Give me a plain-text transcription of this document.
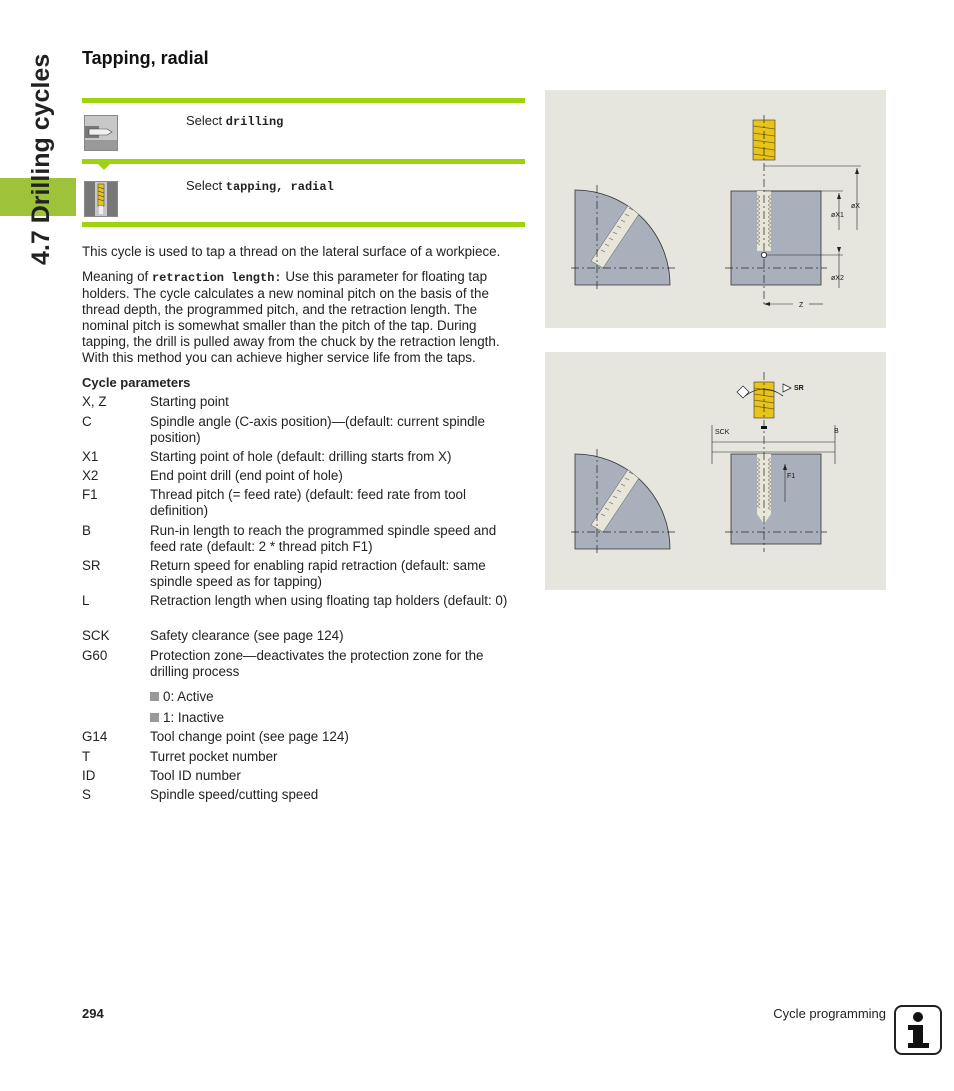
4.7 Drilling cycles Tapping, radial
Select drilling
Select tapping, radial
This cycle is used to tap a thread on the lateral surface of a workpiece.
Meaning of retraction length: Use this parameter for floating tap holders. The cycle calculates a new nominal pitch on the basis of the thread depth, the programmed pitch, and the retraction length. The nominal pitch is somewhat smaller than the pitch of the tap. During tapping, the drill is pulled away from the chuck by the retraction length. With this method you can achieve higher service life from the taps.
Cycle parameters
X, Z	Starting point
C	Spindle angle (C-axis position)—(default: current spindle position)
X1	Starting point of hole (default: drilling starts from X)
X2	End point drill (end point of hole)
F1	Thread pitch (= feed rate) (default: feed rate from tool definition)
B	Run-in length to reach the programmed spindle speed and feed rate (default: 2 * thread pitch F1)
SR	Return speed for enabling rapid retraction (default: same spindle speed as for tapping)
L	Retraction length when using floating tap holders (default: 0)
SCK	Safety clearance (see page 124)
G60	Protection zone—deactivates the protection zone for the drilling process
0: Active
1: Inactive
G14	Tool change point (see page 124)
T	Turret pocket number
ID	Tool ID number
S	Spindle speed/cutting speed
øX
øX1
øX2
Z
SR
SCK	B
F1
294	Cycle programming
